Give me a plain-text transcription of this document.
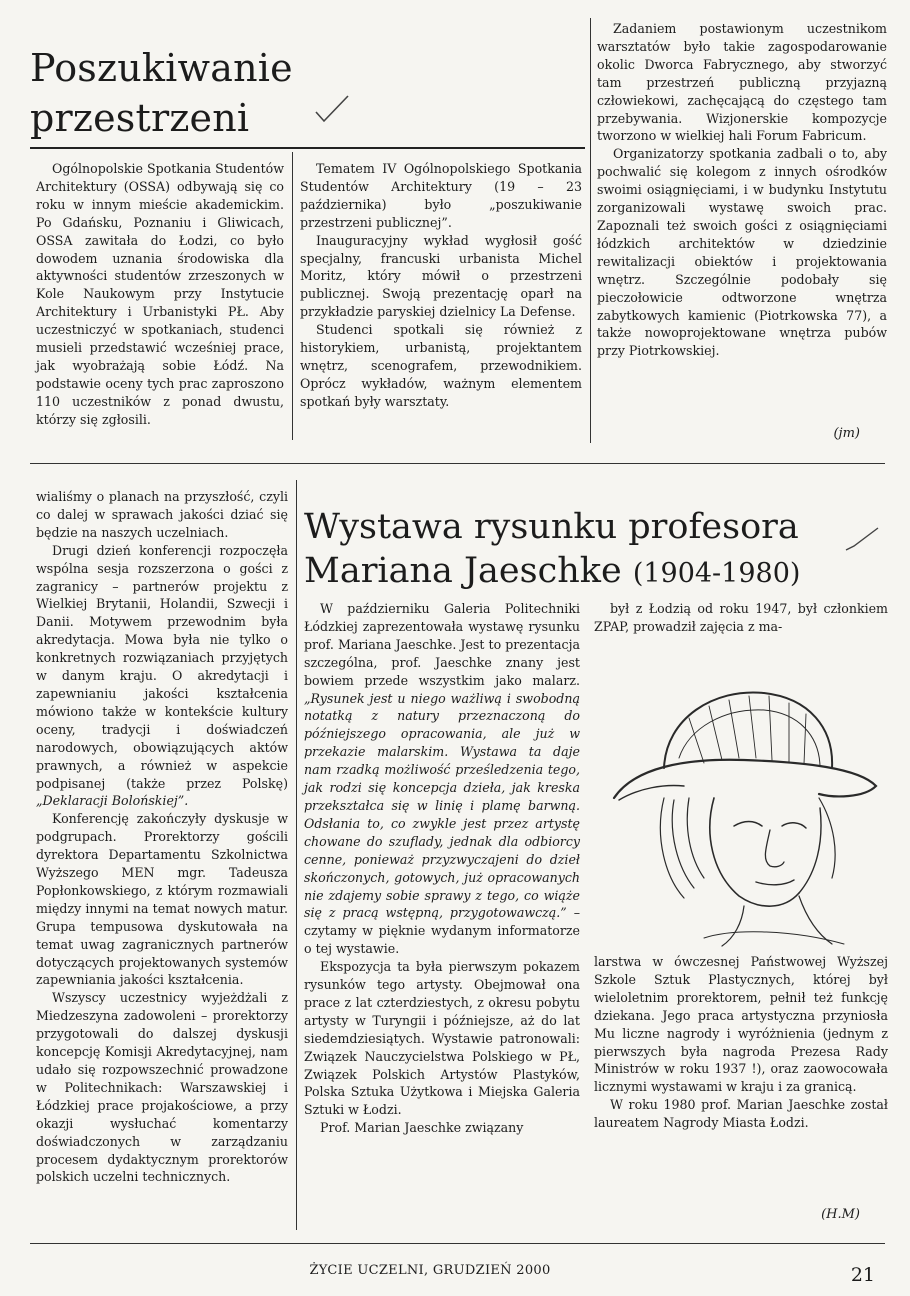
Poszukiwanie przestrzeni

Ogólnopolskie Spotkania Studentów Architektury (OSSA) odbywają się co roku w innym mieście akademickim. Po Gdańsku, Poznaniu i Gliwicach, OSSA zawitała do Łodzi, co było dowodem uznania środowiska dla aktywności studentów zrzeszonych w Kole Naukowym przy Instytucie Architektury i Urbanistyki PŁ. Aby uczestniczyć w spotkaniach, studenci musieli przedstawić wcześniej prace, jak wyobrażają sobie Łódź. Na podstawie oceny tych prac zaproszono 110 uczestników z ponad dwustu, którzy się zgłosili.

Tematem IV Ogólnopolskiego Spotkania Studentów Architektury (19 – 23 października) było „poszukiwanie przestrzeni publicznej”.

Inauguracyjny wykład wygłosił gość specjalny, francuski urbanista Michel Moritz, który mówił o przestrzeni publicznej. Swoją prezentację oparł na przykładzie paryskiej dzielnicy La Defense.

Studenci spotkali się również z historykiem, urbanistą, projektantem wnętrz, scenografem, przewodnikiem. Oprócz wykładów, ważnym elementem spotkań były warsztaty.

Zadaniem postawionym uczestnikom warsztatów było takie zagospodarowanie okolic Dworca Fabrycznego, aby stworzyć tam przestrzeń publiczną przyjazną człowiekowi, zachęcającą do częstego tam przebywania. Wizjonerskie kompozycje tworzono w wielkiej hali Forum Fabricum.

Organizatorzy spotkania zadbali o to, aby pochwalić się kolegom z innych ośrodków swoimi osiągnięciami, i w budynku Instytutu zorganizowali wystawę swoich prac. Zapoznali też swoich gości z osiągnięciami łódzkich architektów w dziedzinie rewitalizacji obiektów i projektowania wnętrz. Szczególnie podobały się pieczołowicie odtworzone wnętrza zabytkowych kamienic (Piotrkowska 77), a także nowoprojektowane wnętrza pubów przy Piotrkowskiej.

(jm)

wialiśmy o planach na przyszłość, czyli co dalej w sprawach jakości dziać się będzie na naszych uczelniach.

Drugi dzień konferencji rozpoczęła wspólna sesja rozszerzona o gości z zagranicy – partnerów projektu z Wielkiej Brytanii, Holandii, Szwecji i Danii. Motywem przewodnim była akredytacja. Mowa była nie tylko o konkretnych rozwiązaniach przyjętych w danym kraju. O akredytacji i zapewnianiu jakości kształcenia mówiono także w kontekście kultury oceny, tradycji i doświadczeń narodowych, obowiązujących aktów prawnych, a również w aspekcie podpisanej (także przez Polskę) „Deklaracji Bolońskiej”.

Konferencję zakończyły dyskusje w podgrupach. Prorektorzy gościli dyrektora Departamentu Szkolnictwa Wyższego MEN mgr. Tadeusza Popłonkowskiego, z którym rozmawiali między innymi na temat nowych matur. Grupa tempusowa dyskutowała na temat uwag zagranicznych partnerów dotyczących projektowanych systemów zapewniania jakości kształcenia.

Wszyscy uczestnicy wyjeżdżali z Miedzeszyna zadowoleni – prorektorzy przygotowali do dalszej dyskusji koncepcję Komisji Akredytacyjnej, nam udało się rozpowszechnić prowadzone w Politechnikach: Warszawskiej i Łódzkiej prace projakościowe, a przy okazji wysłuchać komentarzy doświadczonych w zarządzaniu procesem dydaktycznym prorektorów polskich uczelni technicznych.

Wystawa rysunku profesora
Mariana Jaeschke (1904-1980)

W październiku Galeria Politechniki Łódzkiej zaprezentowała wystawę rysunku prof. Mariana Jaeschke. Jest to prezentacja szczególna, prof. Jaeschke znany jest bowiem przede wszystkim jako malarz. „Rysunek jest u niego ważliwą i swobodną notatką z natury przeznaczoną do późniejszego opracowania, ale już w przekazie malarskim. Wystawa ta daje nam rzadką możliwość prześledzenia tego, jak rodzi się koncepcja dzieła, jak kreska przekształca się w linię i plamę barwną. Odsłania to, co zwykle jest przez artystę chowane do szuflady, jednak dla odbiorcy cenne, ponieważ przyzwyczajeni do dzieł skończonych, gotowych, już opracowanych nie zdajemy sobie sprawy z tego, co wiąże się z pracą wstępną, przygotowawczą.” – czytamy w pięknie wydanym informatorze o tej wystawie.

Ekspozycja ta była pierwszym pokazem rysunków tego artysty. Obejmował ona prace z lat czterdziestych, z okresu pobytu artysty w Turyngii i późniejsze, aż do lat siedemdziesiątych. Wystawie patronowali: Związek Nauczycielstwa Polskiego w PŁ, Związek Polskich Artystów Plastyków, Polska Sztuka Użytkowa i Miejska Galeria Sztuki w Łodzi.

Prof. Marian Jaeschke związany

był z Łodzią od roku 1947, był członkiem ZPAP, prowadził zajęcia z ma-

larstwa w ówczesnej Państwowej Wyższej Szkole Sztuk Plastycznych, której był wieloletnim prorektorem, pełnił też funkcję dziekana. Jego praca artystyczna przyniosła Mu liczne nagrody i wyróżnienia (jednym z pierwszych była nagroda Prezesa Rady Ministrów w roku 1937 !), oraz zaowocowała licznymi wystawami w kraju i za granicą.

W roku 1980 prof. Marian Jaeschke został laureatem Nagrody Miasta Łodzi.

(H.M)
ŻYCIE UCZELNI, GRUDZIEŃ 2000	21
